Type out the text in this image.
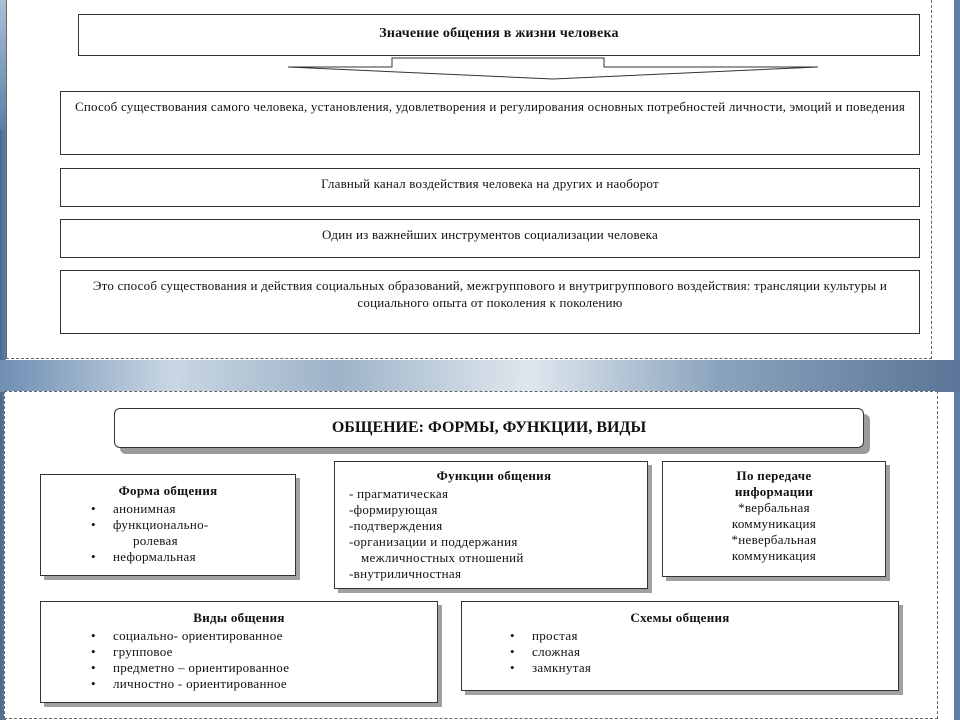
Значение общения в жизни человека
Способ существования самого человека, установления, удовлетворения и регулирования основных потребностей личности, эмоций и поведения
Главный канал воздействия человека на других и наоборот
Один из важнейших инструментов социализации человека
Это способ существования и действия социальных образований, межгруппового и внутригруппового воздействия: трансляции культуры и социального опыта от поколения к поколению
ОБЩЕНИЕ: ФОРМЫ, ФУНКЦИИ, ВИДЫ
Форма общения
• анонимная
• функционально-
ролевая
• неформальная
Функции общения
- прагматическая
-формирующая
-подтверждения
-организации и поддержания
межличностных отношений
-внутриличностная
По передаче
информации
*вербальная
коммуникация
*невербальная
коммуникация
Виды общения
• социально- ориентированное
• групповое
• предметно – ориентированное
• личностно - ориентированное
Схемы общения
• простая
• сложная
• замкнутая
